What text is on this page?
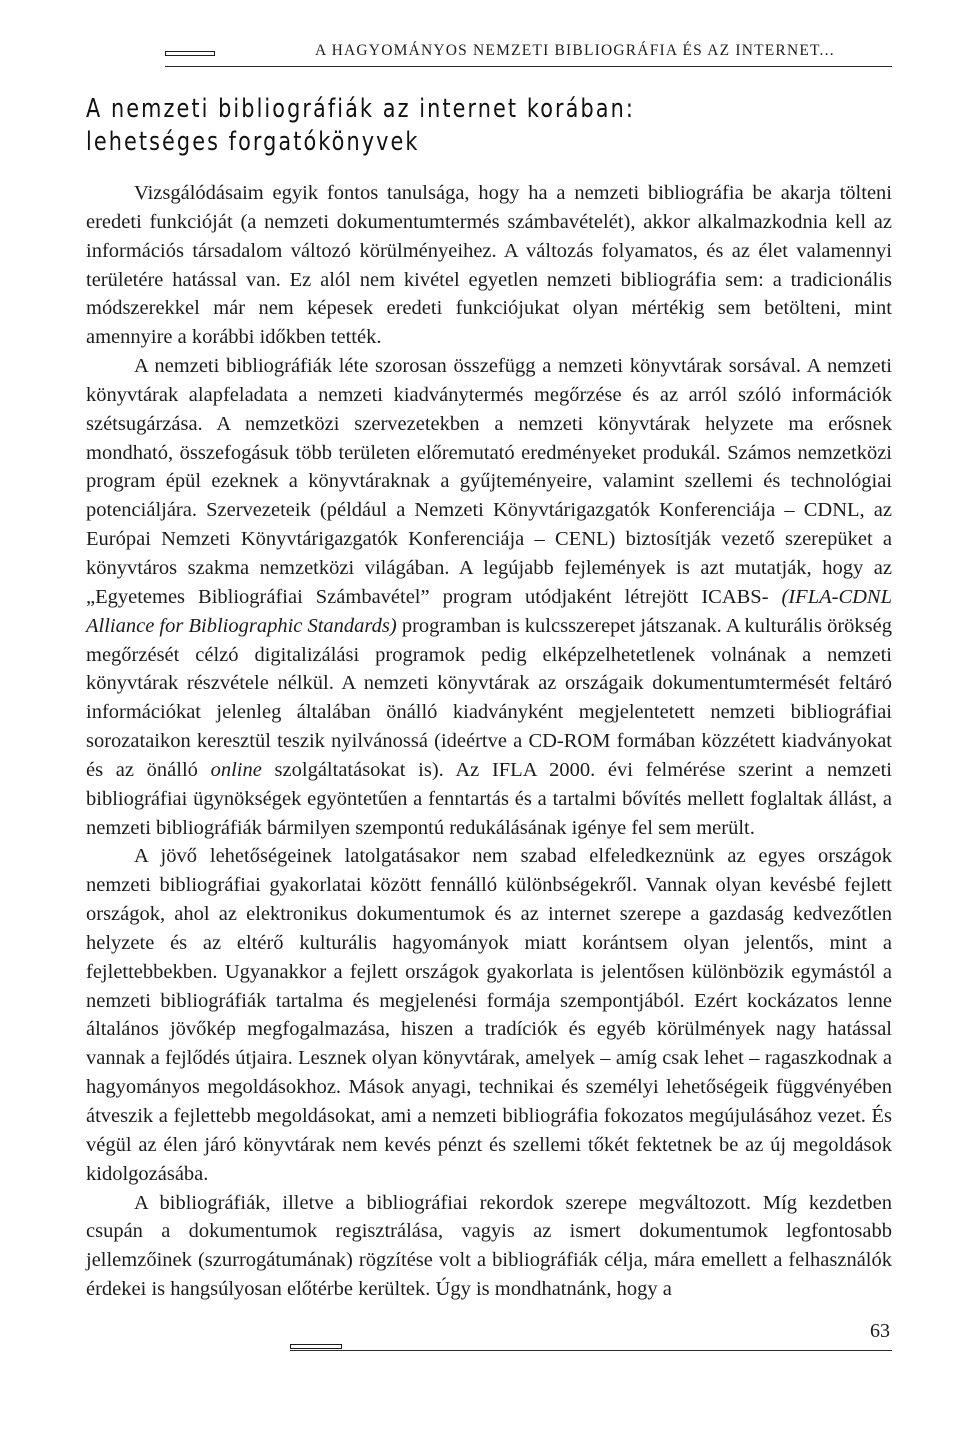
A HAGYOMÁNYOS NEMZETI BIBLIOGRÁFIA ÉS AZ INTERNET...
A nemzeti bibliográfiák az internet korában:
lehetséges forgatókönyvek

Vizsgálódásaim egyik fontos tanulsága, hogy ha a nemzeti bibliográfia be akarja tölteni eredeti funkcióját (a nemzeti dokumentumtermés számbavételét), akkor alkalmazkodnia kell az információs társadalom változó körülményeihez. A változás folyamatos, és az élet valamennyi területére hatással van. Ez alól nem kivétel egyetlen nemzeti bibliográfia sem: a tradicionális módszerekkel már nem képesek eredeti funkciójukat olyan mértékig sem betölteni, mint amennyire a korábbi időkben tették.

A nemzeti bibliográfiák léte szorosan összefügg a nemzeti könyvtárak sorsával. A nemzeti könyvtárak alapfeladata a nemzeti kiadványtermés megőrzése és az arról szóló információk szétsugárzása. A nemzetközi szervezetekben a nemzeti könyvtárak helyzete ma erősnek mondható, összefogásuk több területen előremutató eredményeket produkál. Számos nemzetközi program épül ezeknek a könyvtáraknak a gyűjteményeire, valamint szellemi és technológiai potenciáljára. Szervezeteik (például a Nemzeti Könyvtárigazgatók Konferenciája – CDNL, az Európai Nemzeti Könyvtárigazgatók Konferenciája – CENL) biztosítják vezető szerepüket a könyvtáros szakma nemzetközi világában. A legújabb fejlemények is azt mutatják, hogy az „Egyetemes Bibliográfiai Számbavétel” program utódjaként létrejött ICABS- (IFLA-CDNL Alliance for Bibliographic Standards) programban is kulcsszerepet játszanak. A kulturális örökség megőrzését célzó digitalizálási programok pedig elképzelhetetlenek volnának a nemzeti könyvtárak részvétele nélkül. A nemzeti könyvtárak az országaik dokumentumtermését feltáró információkat jelenleg általában önálló kiadványként megjelentetett nemzeti bibliográfiai sorozataikon keresztül teszik nyilvánossá (ideértve a CD-ROM formában közzétett kiadványokat és az önálló online szolgáltatásokat is). Az IFLA 2000. évi felmérése szerint a nemzeti bibliográfiai ügynökségek egyöntetűen a fenntartás és a tartalmi bővítés mellett foglaltak állást, a nemzeti bibliográfiák bármilyen szempontú redukálásának igénye fel sem merült.

A jövő lehetőségeinek latolgatásakor nem szabad elfeledkeznünk az egyes országok nemzeti bibliográfiai gyakorlatai között fennálló különbségekről. Vannak olyan kevésbé fejlett országok, ahol az elektronikus dokumentumok és az internet szerepe a gazdaság kedvezőtlen helyzete és az eltérő kulturális hagyományok miatt korántsem olyan jelentős, mint a fejlettebbekben. Ugyanakkor a fejlett országok gyakorlata is jelentősen különbözik egymástól a nemzeti bibliográfiák tartalma és megjelenési formája szempontjából. Ezért kockázatos lenne általános jövőkép megfogalmazása, hiszen a tradíciók és egyéb körülmények nagy hatással vannak a fejlődés útjaira. Lesznek olyan könyvtárak, amelyek – amíg csak lehet – ragaszkodnak a hagyományos megoldásokhoz. Mások anyagi, technikai és személyi lehetőségeik függvényében átveszik a fejlettebb megoldásokat, ami a nemzeti bibliográfia fokozatos megújulásához vezet. És végül az élen járó könyvtárak nem kevés pénzt és szellemi tőkét fektetnek be az új megoldások kidolgozásába.

A bibliográfiák, illetve a bibliográfiai rekordok szerepe megváltozott. Míg kezdetben csupán a dokumentumok regisztrálása, vagyis az ismert dokumentumok legfontosabb jellemzőinek (szurrogátumának) rögzítése volt a bibliográfiák célja, mára emellett a felhasználók érdekei is hangsúlyosan előtérbe kerültek. Úgy is mondhatnánk, hogy a

63
